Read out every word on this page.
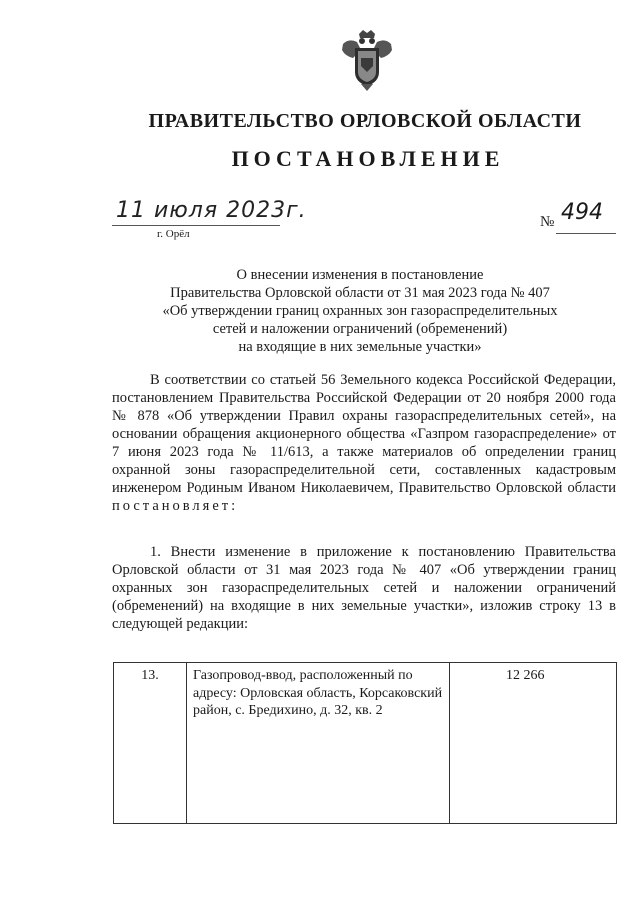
ПРАВИТЕЛЬСТВО ОРЛОВСКОЙ ОБЛАСТИ
ПОСТАНОВЛЕНИЕ
11 июля 2023г.
г. Орёл
№ 494
О внесении изменения в постановление
Правительства Орловской области от 31 мая 2023 года № 407
«Об утверждении границ охранных зон газораспределительных
сетей и наложении ограничений (обременений)
на входящие в них земельные участки»
В соответствии со статьей 56 Земельного кодекса Российской Федерации, постановлением Правительства Российской Федерации от 20 ноября 2000 года № 878 «Об утверждении Правил охраны газораспределительных сетей», на основании обращения акционерного общества «Газпром газораспределение» от 7 июня 2023 года № 11/613, а также материалов об определении границ охранной зоны газораспределительной сети, составленных кадастровым инженером Родиным Иваном Николаевичем, Правительство Орловской области постановляет:
1. Внести изменение в приложение к постановлению Правительства Орловской области от 31 мая 2023 года № 407 «Об утверждении границ охранных зон газораспределительных сетей и наложении ограничений (обременений) на входящие в них земельные участки», изложив строку 13 в следующей редакции:
13.	Газопровод-ввод, расположенный по адресу: Орловская область, Корсаковский район, с. Бредихино, д. 32, кв. 2	12 266
